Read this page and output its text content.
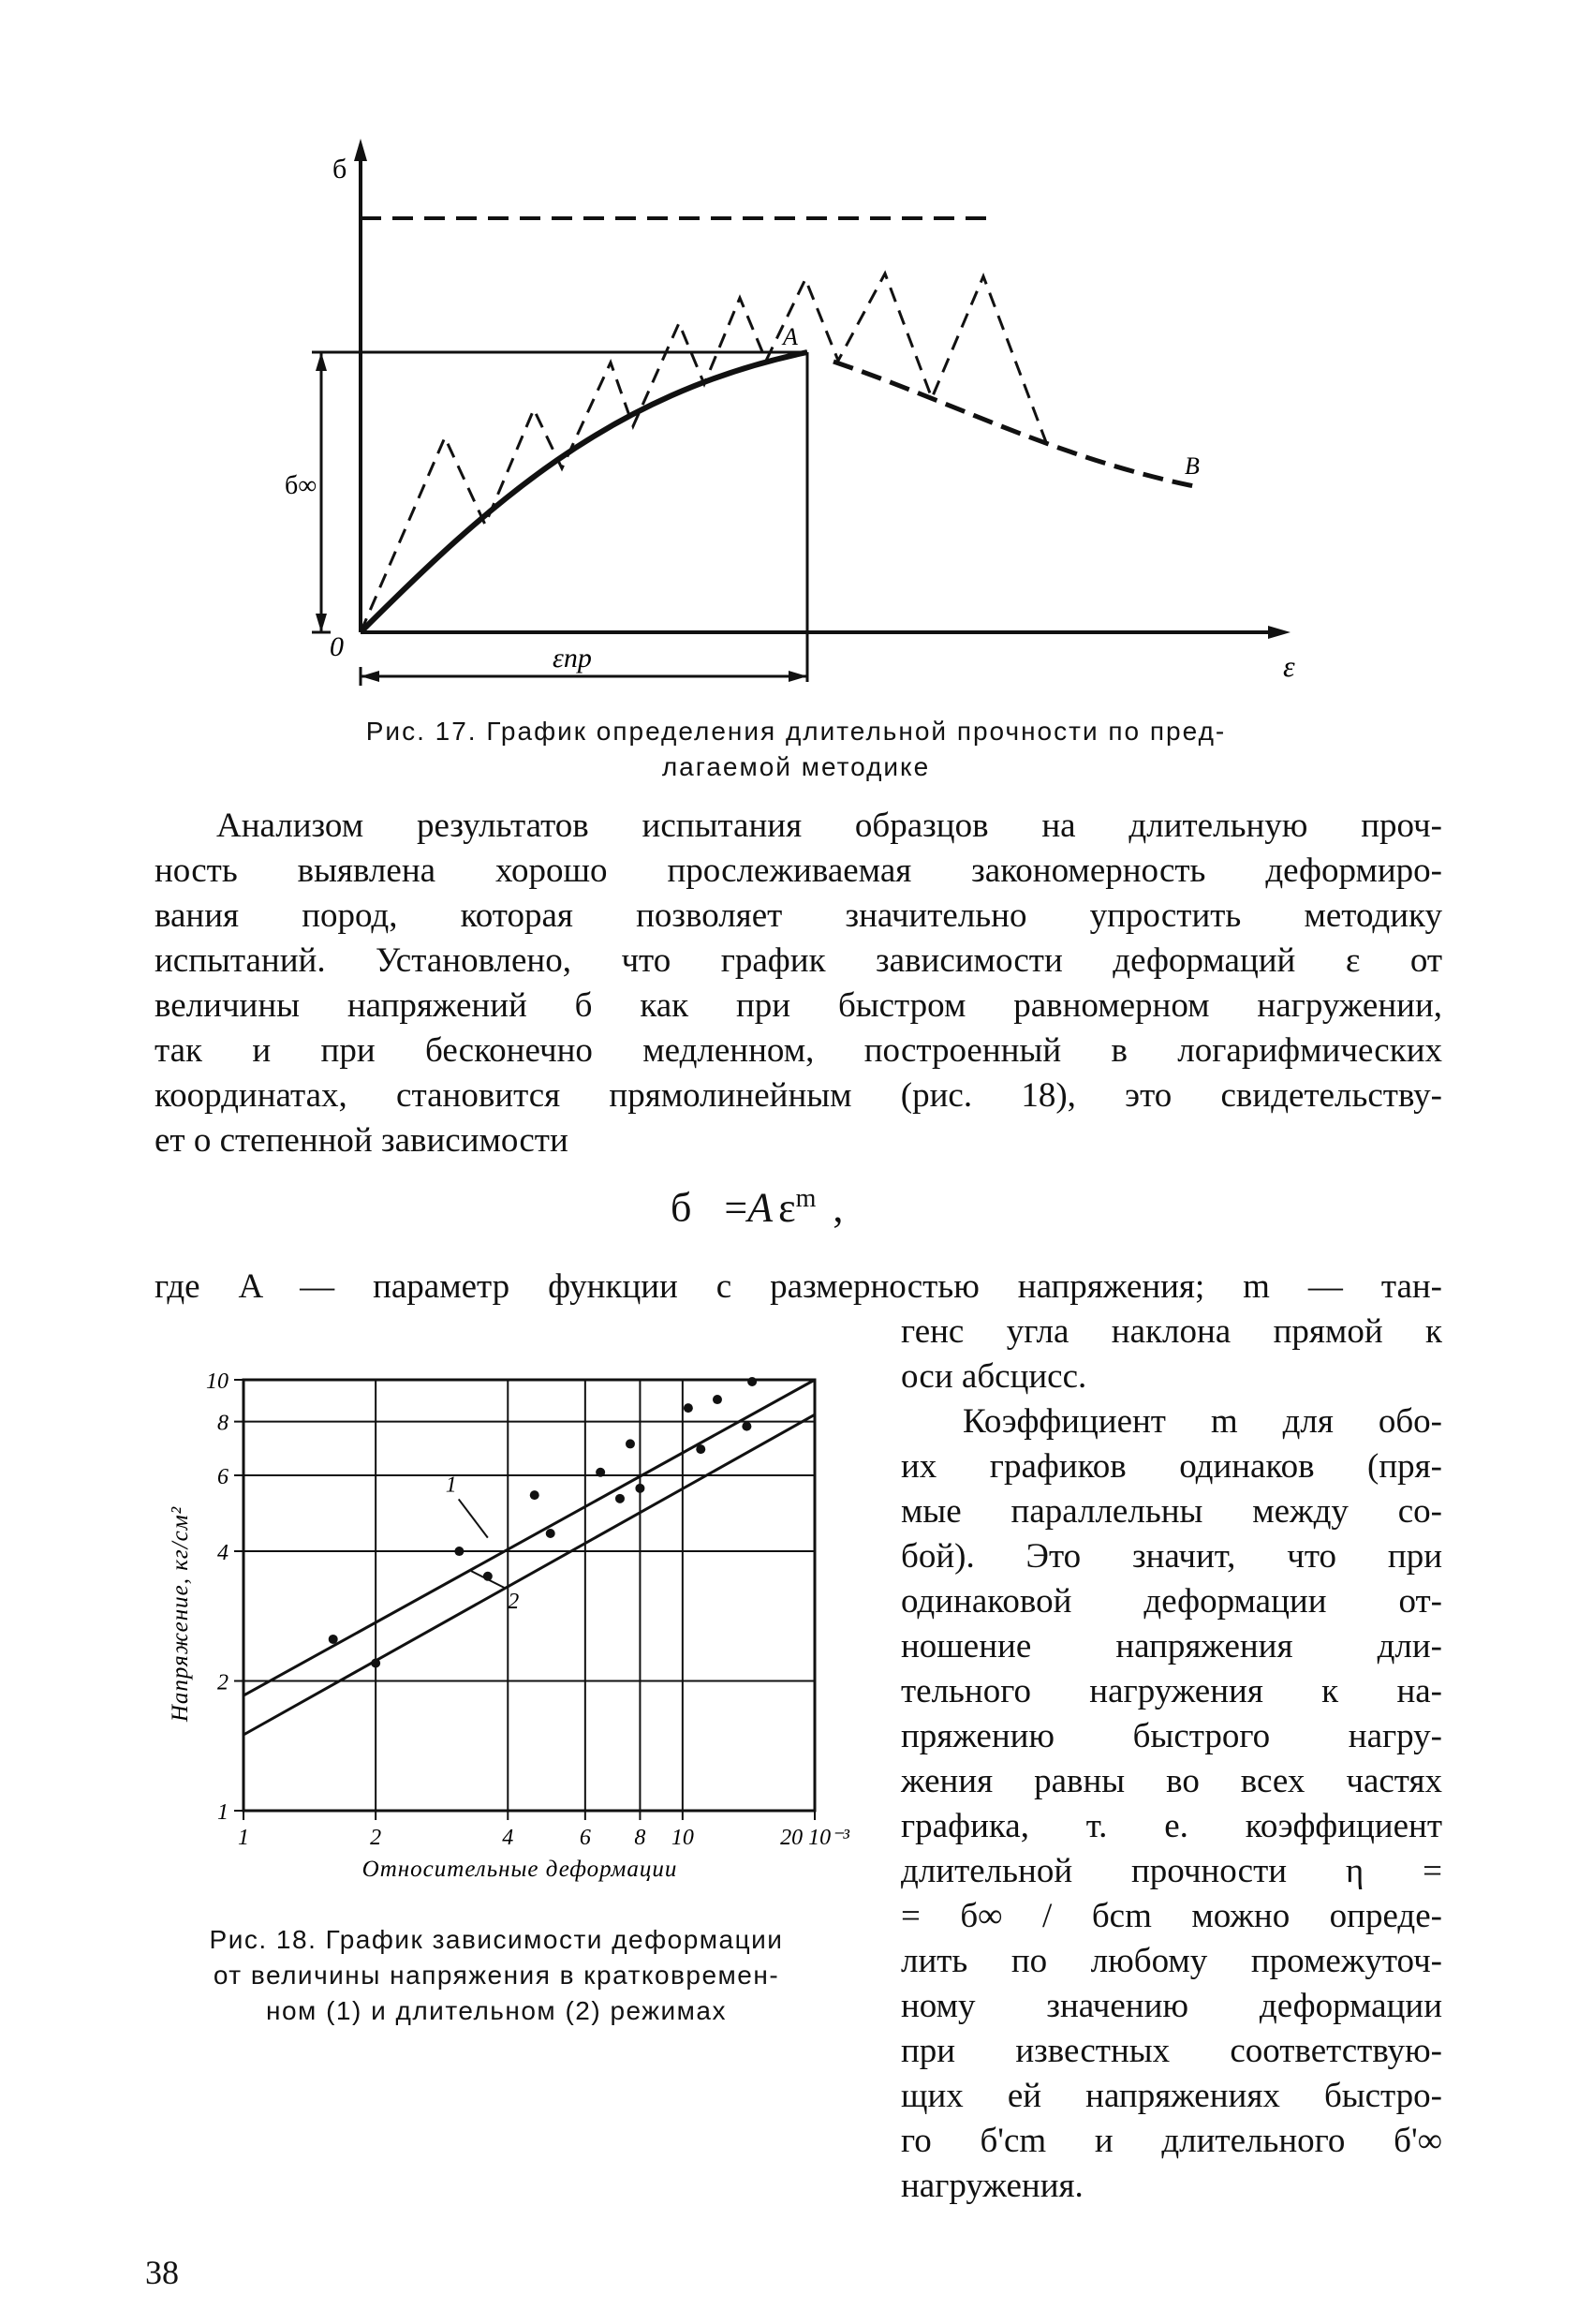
б
0
ε
б∞
εпр
A
В
Рис. 17. График определения длительной прочности по пред-
лагаемой методике
Анализом результатов испытания образцов на длительную проч-
ность выявлена хорошо прослеживаемая закономерность деформиро-
вания пород, которая позволяет значительно упростить методику
испытаний. Установлено, что график зависимости деформаций ε от
величины напряжений б как при быстром равномерном нагружении,
так и при бесконечно медленном, построенный в логарифмических
координатах, становится прямолинейным (рис. 18), это свидетельству-
ет о степенной зависимости
б =A $\varepsilon^m$ ,
где A — параметр функции с размерностью напряжения; m — тан-
генс угла наклона прямой к
оси абсцисс.
Коэффициент m для обо-
их графиков одинаков (пря-
мые параллельны между со-
бой). Это значит, что при
одинаковой деформации от-
ношение напряжения дли-
тельного нагружения к на-
пряжению быстрого нагру-
жения равны во всех частях
графика, т. е. коэффициент
длительной прочности η =
= б∞ / бcm можно опреде-
лить по любому промежуточ-
ному значению деформации
при известных соответствую-
щих ей напряжениях быстро-
го б'cm и длительного б'∞
нагружения.
1	2	4	6 8 10	20 10⁻³
1
2
4
6
8
10
1
2
Относительные деформации
Напряжение, кг/см²
Рис. 18. График зависимости деформации
от величины напряжения в кратковремен-
ном (1) и длительном (2) режимах
38
